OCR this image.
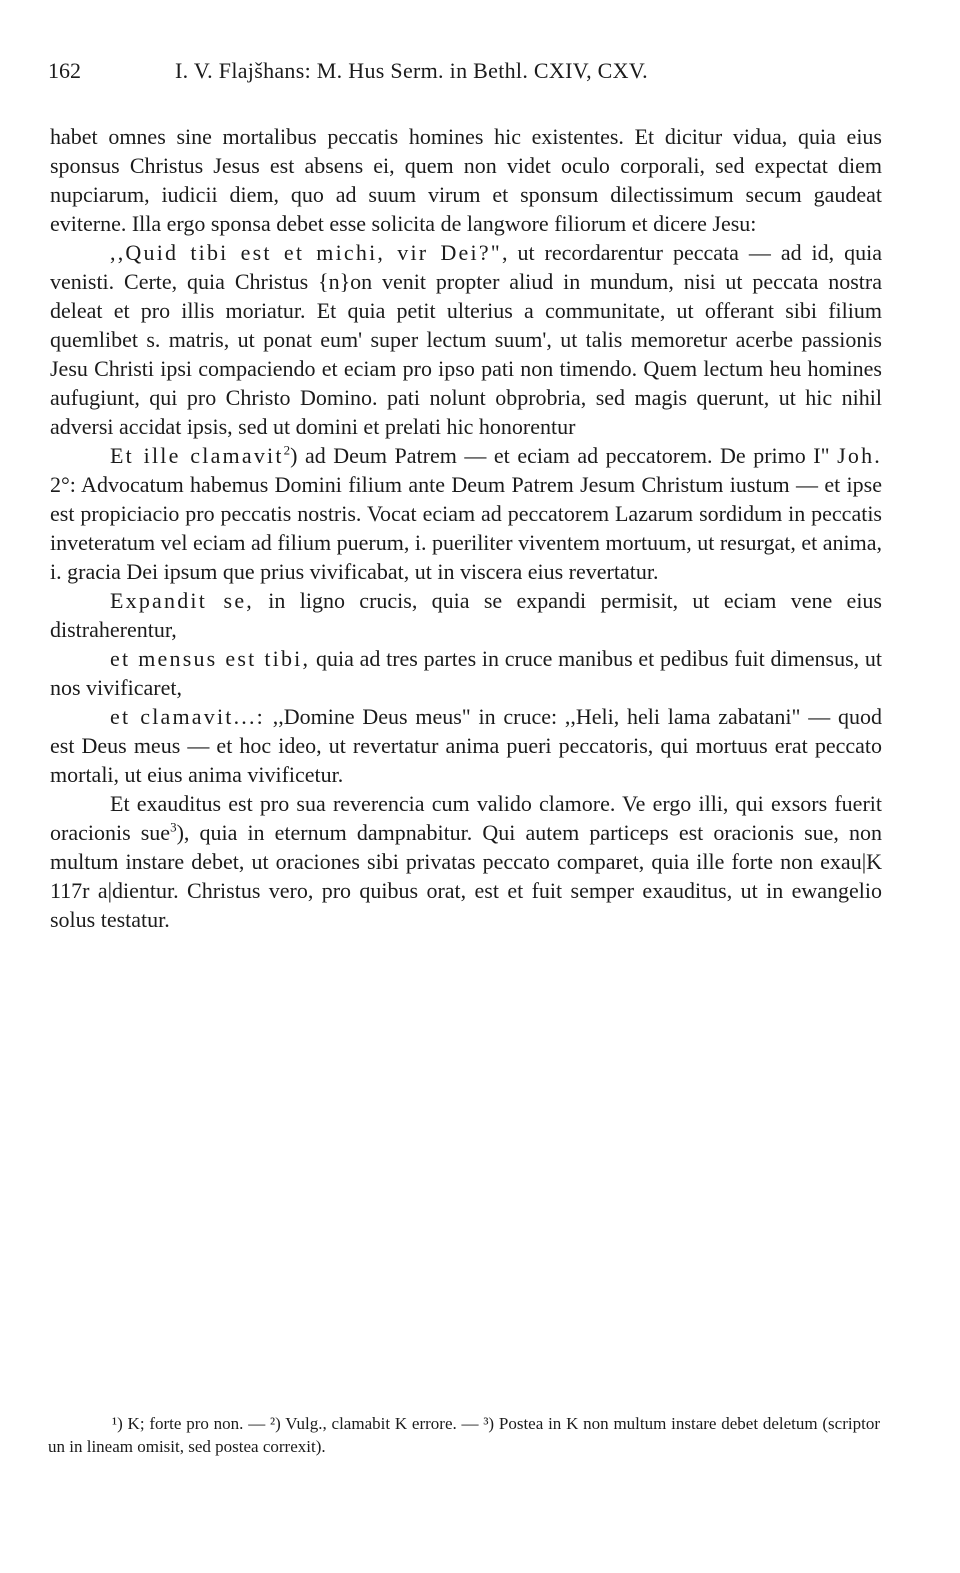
162	I. V. Flajšhans: M. Hus Serm. in Bethl. CXIV, CXV.

habet omnes sine mortalibus peccatis homines hic existentes. Et dicitur vidua, quia eius sponsus Christus Jesus est absens ei, quem non videt oculo corporali, sed expectat diem nupciarum, iudicii diem, quo ad suum virum et sponsum dilectissimum secum gaudeat eviterne. Illa ergo sponsa debet esse solicita de langwore filiorum et dicere Jesu:

,,Quid tibi est et michi, vir Dei?", ut recordarentur peccata — ad id, quia venisti. Certe, quia Christus {n}on venit propter aliud in mundum, nisi ut peccata nostra deleat et pro illis moriatur. Et quia petit ulterius a communitate, ut offerant sibi filium quemlibet s. matris, ut ponat eum' super lectum suum', ut talis memoretur acerbe passionis Jesu Christi ipsi compaciendo et eciam pro ipso pati non timendo. Quem lectum heu homines aufugiunt, qui pro Christo Domino. pati nolunt obprobria, sed magis querunt, ut hic nihil adversi accidat ipsis, sed ut domini et prelati hic honorentur

Et ille clamavit$^2$) ad Deum Patrem — et eciam ad peccatorem. De primo I" Joh. 2°: Advocatum habemus Domini filium ante Deum Patrem Jesum Christum iustum — et ipse est propiciacio pro peccatis nostris. Vocat eciam ad peccatorem Lazarum sordidum in peccatis inveteratum vel eciam ad filium puerum, i. pueriliter viventem mortuum, ut resurgat, et anima, i. gracia Dei ipsum que prius vivificabat, ut in viscera eius revertatur.

Expandit se, in ligno crucis, quia se expandi permisit, ut eciam vene eius distraherentur,

et mensus est tibi, quia ad tres partes in cruce manibus et pedibus fuit dimensus, ut nos vivificaret,

et clamavit...: ,,Domine Deus meus" in cruce: ,,Heli, heli lama zabatani" — quod est Deus meus — et hoc ideo, ut revertatur anima pueri peccatoris, qui mortuus erat peccato mortali, ut eius anima vivificetur.

Et exauditus est pro sua reverencia cum valido clamore. Ve ergo illi, qui exsors fuerit oracionis sue$^3$), quia in eternum dampnabitur. Qui autem particeps est oracionis sue, non multum instare debet, ut oraciones sibi privatas peccato comparet, quia ille forte non exau|K 117r a|dientur. Christus vero, pro quibus orat, est et fuit semper exauditus, ut in ewangelio solus testatur.

¹) K; forte pro non. — ²) Vulg., clamabit K errore. — ³) Postea in K non multum instare debet deletum (scriptor un in lineam omisit, sed postea correxit).
